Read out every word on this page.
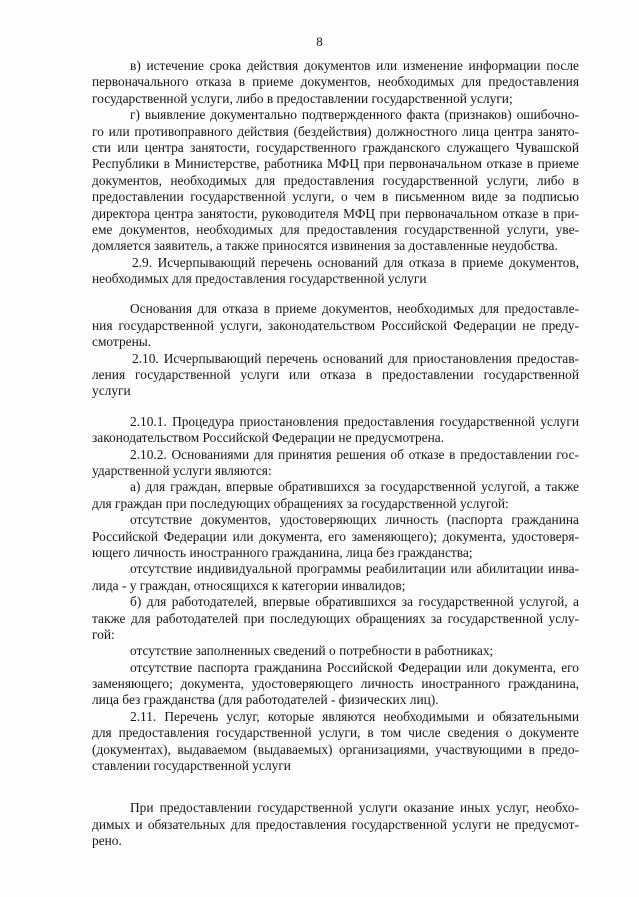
8
в) истечение срока действия документов или изменение информации после
первоначального отказа в приеме документов, необходимых для предоставления
государственной услуги, либо в предоставлении государственной услуги;
г) выявление документально подтвержденного факта (признаков) ошибочно-
го или противоправного действия (бездействия) должностного лица центра занято-
сти или центра занятости, государственного гражданского служащего Чувашской
Республики в Министерстве, работника МФЦ при первоначальном отказе в приеме
документов, необходимых для предоставления государственной услуги, либо в
предоставлении государственной услуги, о чем в письменном виде за подписью
директора центра занятости, руководителя МФЦ при первоначальном отказе в при-
еме документов, необходимых для предоставления государственной услуги, уве-
домляется заявитель, а также приносятся извинения за доставленные неудобства.
2.9. Исчерпывающий перечень оснований для отказа в приеме документов,
необходимых для предоставления государственной услуги
Основания для отказа в приеме документов, необходимых для предоставле-
ния государственной услуги, законодательством Российской Федерации не преду-
смотрены.
2.10. Исчерпывающий перечень оснований для приостановления предостав-
ления государственной услуги или отказа в предоставлении государственной
услуги
2.10.1. Процедура приостановления предоставления государственной услуги
законодательством Российской Федерации не предусмотрена.
2.10.2. Основаниями для принятия решения об отказе в предоставлении гос-
ударственной услуги являются:
а) для граждан, впервые обратившихся за государственной услугой, а также
для граждан при последующих обращениях за государственной услугой:
отсутствие документов, удостоверяющих личность (паспорта гражданина
Российской Федерации или документа, его заменяющего); документа, удостоверя-
ющего личность иностранного гражданина, лица без гражданства;
отсутствие индивидуальной программы реабилитации или абилитации инва-
лида - у граждан, относящихся к категории инвалидов;
б) для работодателей, впервые обратившихся за государственной услугой, а
также для работодателей при последующих обращениях за государственной услу-
гой:
отсутствие заполненных сведений о потребности в работниках;
отсутствие паспорта гражданина Российской Федерации или документа, его
заменяющего; документа, удостоверяющего личность иностранного гражданина,
лица без гражданства (для работодателей - физических лиц).
2.11. Перечень услуг, которые являются необходимыми и обязательными
для предоставления государственной услуги, в том числе сведения о документе
(документах), выдаваемом (выдаваемых) организациями, участвующими в предо-
ставлении государственной услуги
При предоставлении государственной услуги оказание иных услуг, необхо-
димых и обязательных для предоставления государственной услуги не предусмот-
рено.
